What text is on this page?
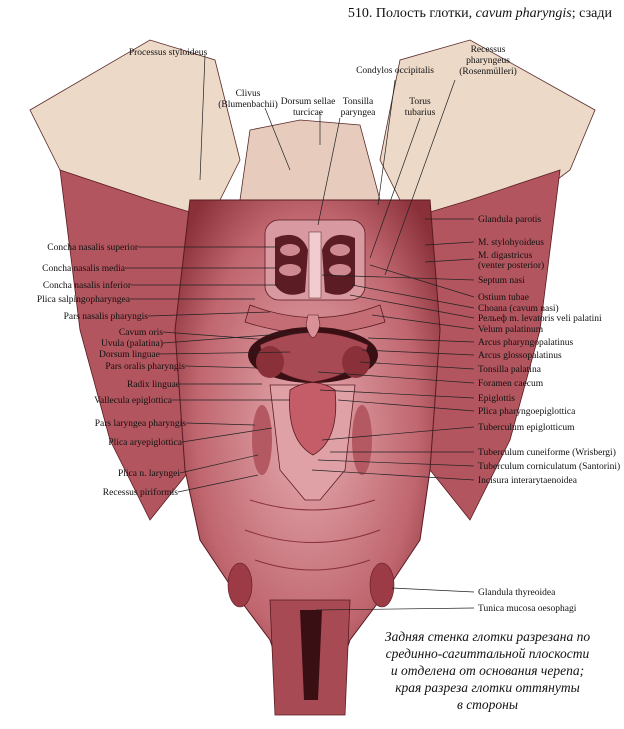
510. Полость глотки, cavum pharyngis; сзади
Processus styloideus
Clivus
(Blumenbachii) Dorsum sellae
turcicae
Tonsilla
paryngea
Condylos occipitalis
Torus
tubarius
Recessus
pharyngeus
(Rosenmülleri)
Concha nasalis superior
Concha nasalis media
Concha nasalis inferior
Plica salpingopharyngea
Pars nasalis pharyngis
Cavum oris
Uvula (palatina)
Dorsum linguae
Pars oralis pharyngis
Radix linguae
Vallecula epiglottica
Pars laryngea pharyngis
Plica aryepiglottica
Plica n. laryngei
Recessus piriformis
Glandula parotis
M. stylohyoideus
M. digastricus
(venter posterior)
Septum nasi
Ostium tubae
Choana (cavum nasi)
Рельеф m. levatoris veli palatini
Velum palatinum
Arcus pharyngopalatinus
Arcus glossopalatinus
Tonsilla palatina
Foramen caecum
Epiglottis
Plica pharyngoepiglottica
Tuberculum epiglotticum
Tuberculum cuneiforme (Wrisbergi)
Tuberculum corniculatum (Santorini)
Incisura interarytaenoidea
Glandula thyreoidea
Tunica mucosa oesophagi
Задняя стенка глотки разрезана по
срединно-сагиттальной плоскости
и отделена от основания черепа;
края разреза глотки оттянуты
в стороны
